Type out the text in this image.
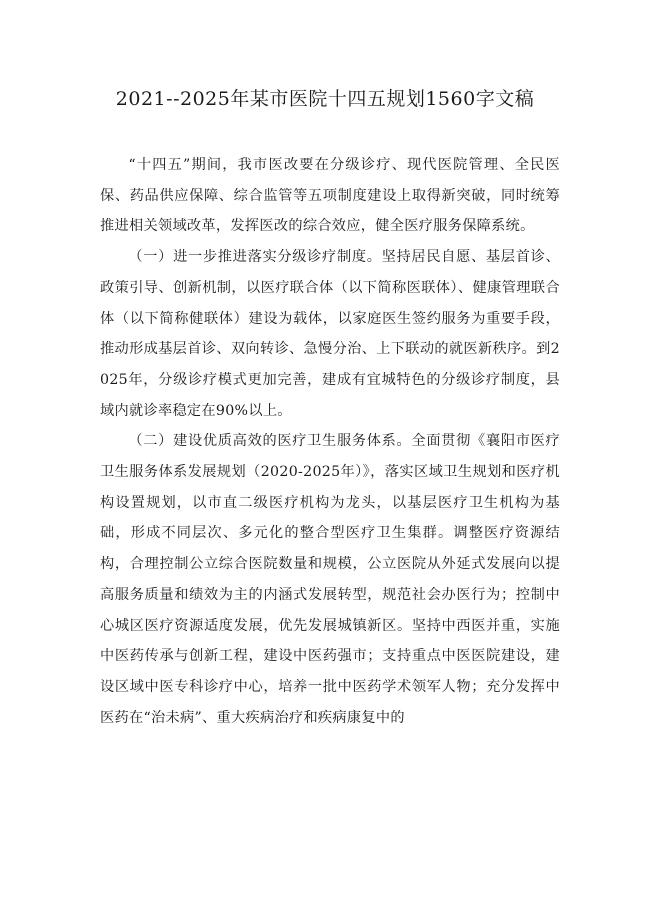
2021--2025年某市医院十四五规划1560字文稿

“十四五”期间，我市医改要在分级诊疗、现代医院管理、全民医保、药品供应保障、综合监管等五项制度建设上取得新突破，同时统筹推进相关领域改革，发挥医改的综合效应，健全医疗服务保障系统。

（一）进一步推进落实分级诊疗制度。坚持居民自愿、基层首诊、政策引导、创新机制，以医疗联合体（以下简称医联体）、健康管理联合体（以下简称健联体）建设为载体，以家庭医生签约服务为重要手段，推动形成基层首诊、双向转诊、急慢分治、上下联动的就医新秩序。到2025年，分级诊疗模式更加完善，建成有宜城特色的分级诊疗制度，县域内就诊率稳定在90%以上。

（二）建设优质高效的医疗卫生服务体系。全面贯彻《襄阳市医疗卫生服务体系发展规划（2020-2025年）》，落实区域卫生规划和医疗机构设置规划，以市直二级医疗机构为龙头，以基层医疗卫生机构为基础，形成不同层次、多元化的整合型医疗卫生集群。调整医疗资源结构，合理控制公立综合医院数量和规模，公立医院从外延式发展向以提高服务质量和绩效为主的内涵式发展转型，规范社会办医行为；控制中心城区医疗资源适度发展，优先发展城镇新区。坚持中西医并重，实施中医药传承与创新工程，建设中医药强市；支持重点中医医院建设，建设区域中医专科诊疗中心，培养一批中医药学术领军人物；充分发挥中医药在“治未病”、重大疾病治疗和疾病康复中的
